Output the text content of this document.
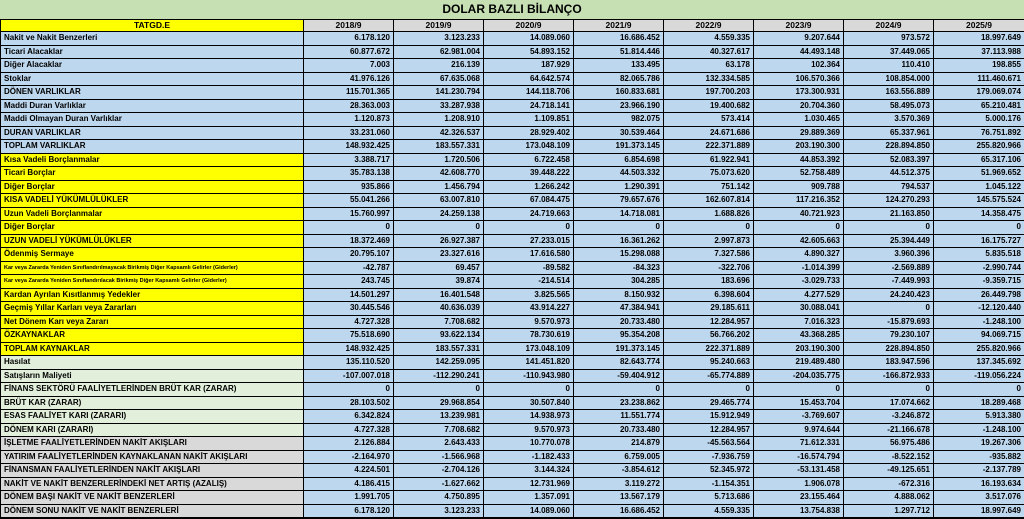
DOLAR BAZLI BİLANÇO
TATGD.E	2018/9	2019/9	2020/9	2021/9	2022/9	2023/9	2024/9	2025/9
Nakit ve Nakit Benzerleri	6.178.120	3.123.233	14.089.060	16.686.452	4.559.335	9.207.644	973.572	18.997.649
Ticari Alacaklar	60.877.672	62.981.004	54.893.152	51.814.446	40.327.617	44.493.148	37.449.065	37.113.988
Diğer Alacaklar	7.003	216.139	187.929	133.495	63.178	102.364	110.410	198.855
Stoklar	41.976.126	67.635.068	64.642.574	82.065.786	132.334.585	106.570.366	108.854.000	111.460.671
DÖNEN VARLIKLAR	115.701.365	141.230.794	144.118.706	160.833.681	197.700.203	173.300.931	163.556.889	179.069.074
Maddi Duran Varlıklar	28.363.003	33.287.938	24.718.141	23.966.190	19.400.682	20.704.360	58.495.073	65.210.481
Maddi Olmayan Duran Varlıklar	1.120.873	1.208.910	1.109.851	982.075	573.414	1.030.465	3.570.369	5.000.176
DURAN VARLIKLAR	33.231.060	42.326.537	28.929.402	30.539.464	24.671.686	29.889.369	65.337.961	76.751.892
TOPLAM VARLIKLAR	148.932.425	183.557.331	173.048.109	191.373.145	222.371.889	203.190.300	228.894.850	255.820.966
Kısa Vadeli Borçlanmalar	3.388.717	1.720.506	6.722.458	6.854.698	61.922.941	44.853.392	52.083.397	65.317.106
Ticari Borçlar	35.783.138	42.608.770	39.448.222	44.503.332	75.073.620	52.758.489	44.512.375	51.969.652
Diğer Borçlar	935.866	1.456.794	1.266.242	1.290.391	751.142	909.788	794.537	1.045.122
KISA VADELİ YÜKÜMLÜLÜKLER	55.041.266	63.007.810	67.084.475	79.657.676	162.607.814	117.216.352	124.270.293	145.575.524
Uzun Vadeli Borçlanmalar	15.760.997	24.259.138	24.719.663	14.718.081	1.688.826	40.721.923	21.163.850	14.358.475
Diğer Borçlar	0	0	0	0	0	0	0	0
UZUN VADELİ YÜKÜMLÜLÜKLER	18.372.469	26.927.387	27.233.015	16.361.262	2.997.873	42.605.663	25.394.449	16.175.727
Ödenmiş Sermaye	20.795.107	23.327.616	17.616.580	15.298.088	7.327.586	4.890.327	3.960.396	5.835.518
Kar veya Zararda Yeniden Sınıflandırılmayacak Birikmiş Diğer Kapsamlı Gelirler (Giderler)	-42.787	69.457	-89.582	-84.323	-322.706	-1.014.399	-2.569.889	-2.990.744
Kar veya Zararda Yeniden Sınıflandırılacak Birikmiş Diğer Kapsamlı Gelirler (Giderler)	243.745	39.874	-214.514	304.285	183.696	-3.029.733	-7.449.993	-9.359.715
Kardan Ayrılan Kısıtlanmış Yedekler	14.501.297	16.401.548	3.825.565	8.150.932	6.398.604	4.277.529	24.240.423	26.449.798
Geçmiş Yıllar Karları veya Zararları	30.445.546	40.636.039	43.914.227	47.384.941	29.185.611	30.088.041	0	-12.120.440
Net Dönem Karı veya Zararı	4.727.328	7.708.682	9.570.973	20.733.480	12.284.957	7.016.323	-15.879.693	-1.248.100
ÖZKAYNAKLAR	75.518.690	93.622.134	78.730.619	95.354.208	56.766.202	43.368.285	79.230.107	94.069.715
TOPLAM KAYNAKLAR	148.932.425	183.557.331	173.048.109	191.373.145	222.371.889	203.190.300	228.894.850	255.820.966
Hasılat	135.110.520	142.259.095	141.451.820	82.643.774	95.240.663	219.489.480	183.947.596	137.345.692
Satışların Maliyeti	-107.007.018	-112.290.241	-110.943.980	-59.404.912	-65.774.889	-204.035.775	-166.872.933	-119.056.224
FİNANS SEKTÖRÜ FAALİYETLERİNDEN BRÜT KAR (ZARAR)	0	0	0	0	0	0	0	0
BRÜT KAR (ZARAR)	28.103.502	29.968.854	30.507.840	23.238.862	29.465.774	15.453.704	17.074.662	18.289.468
ESAS FAALİYET KARI (ZARARI)	6.342.824	13.239.981	14.938.973	11.551.774	15.912.949	-3.769.607	-3.246.872	5.913.380
DÖNEM KARI (ZARARI)	4.727.328	7.708.682	9.570.973	20.733.480	12.284.957	9.974.644	-21.166.678	-1.248.100
İŞLETME FAALİYETLERİNDEN NAKİT AKIŞLARI	2.126.884	2.643.433	10.770.078	214.879	-45.563.564	71.612.331	56.975.486	19.267.306
YATIRIM FAALİYETLERİNDEN KAYNAKLANAN NAKİT AKIŞLARI	-2.164.970	-1.566.968	-1.182.433	6.759.005	-7.936.759	-16.574.794	-8.522.152	-935.882
FİNANSMAN FAALİYETLERİNDEN NAKİT AKIŞLARI	4.224.501	-2.704.126	3.144.324	-3.854.612	52.345.972	-53.131.458	-49.125.651	-2.137.789
NAKİT VE NAKİT BENZERLERİNDEKİ NET ARTIŞ (AZALIŞ)	4.186.415	-1.627.662	12.731.969	3.119.272	-1.154.351	1.906.078	-672.316	16.193.634
DÖNEM BAŞI NAKİT VE NAKİT BENZERLERİ	1.991.705	4.750.895	1.357.091	13.567.179	5.713.686	23.155.464	4.888.062	3.517.076
DÖNEM SONU NAKİT VE NAKİT BENZERLERİ	6.178.120	3.123.233	14.089.060	16.686.452	4.559.335	13.754.838	1.297.712	18.997.649
